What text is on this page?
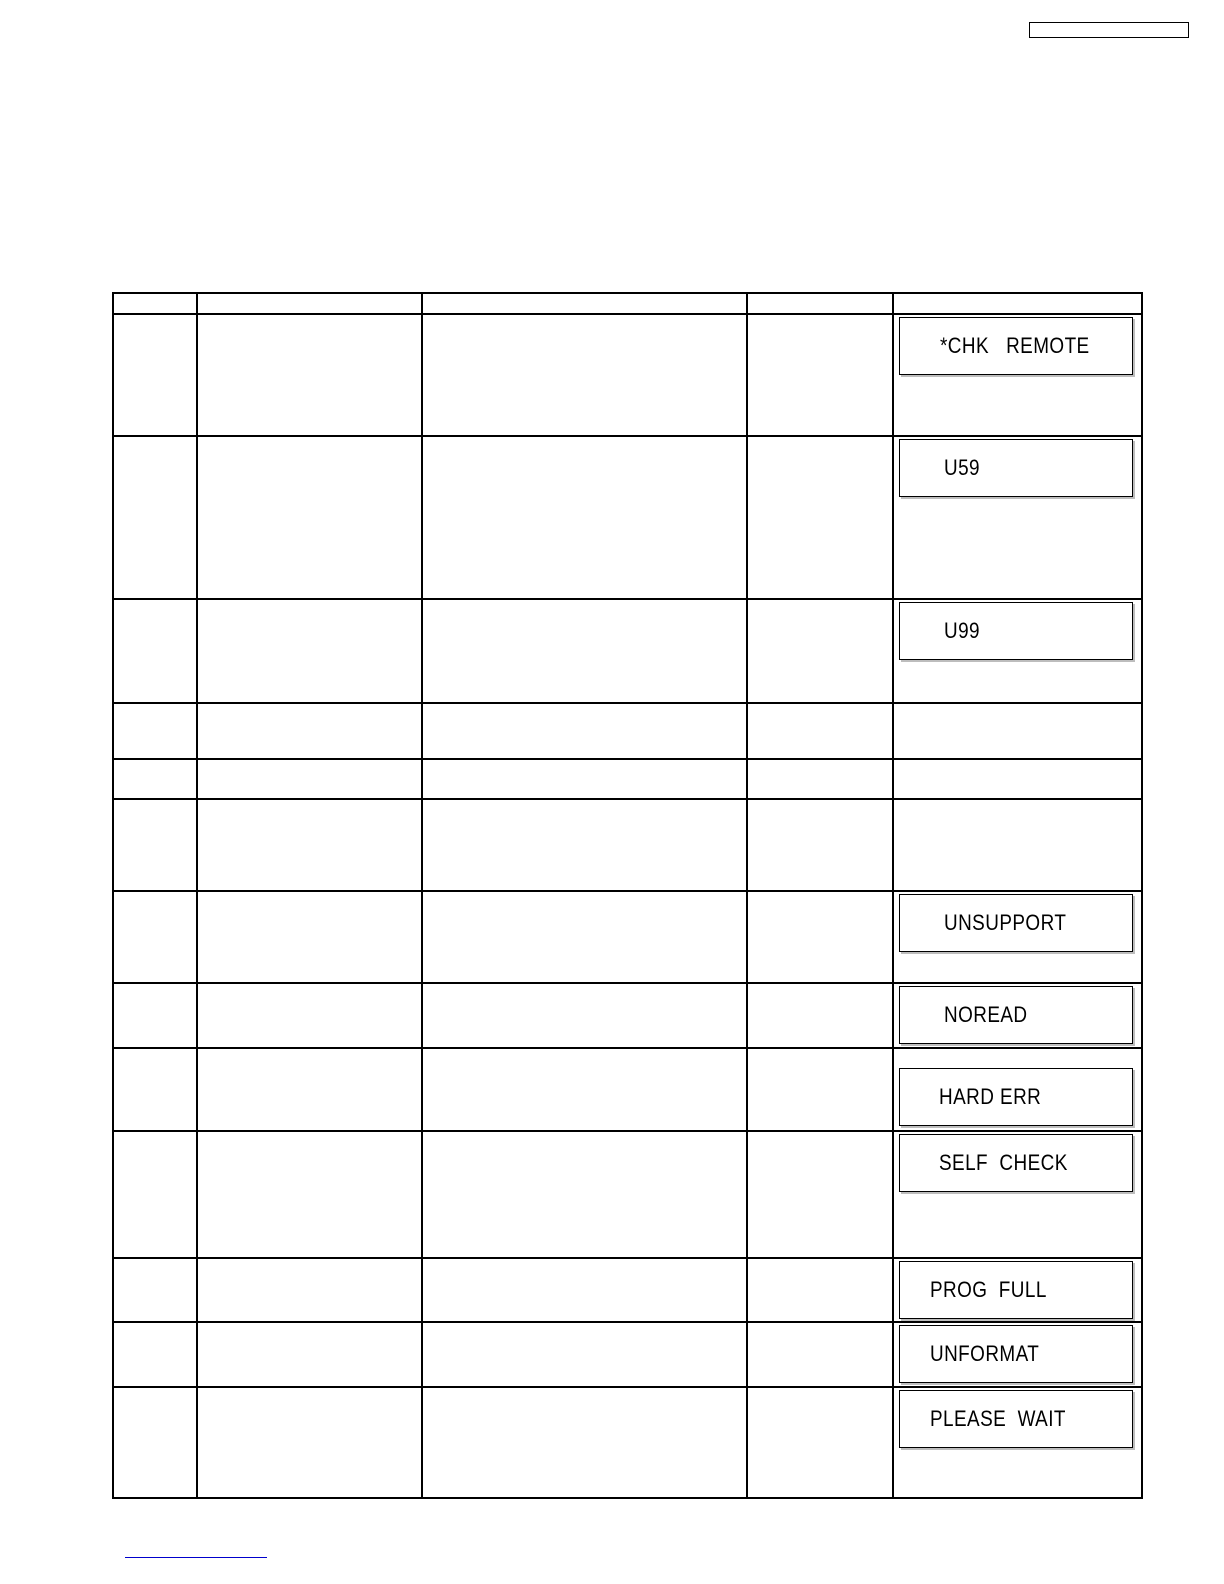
				*CHK   REMOTE

				U59

				U99

				UNSUPPORT

				NOREAD

				HARD ERR

				SELF  CHECK

				PROG  FULL

				UNFORMAT

				PLEASE  WAIT
